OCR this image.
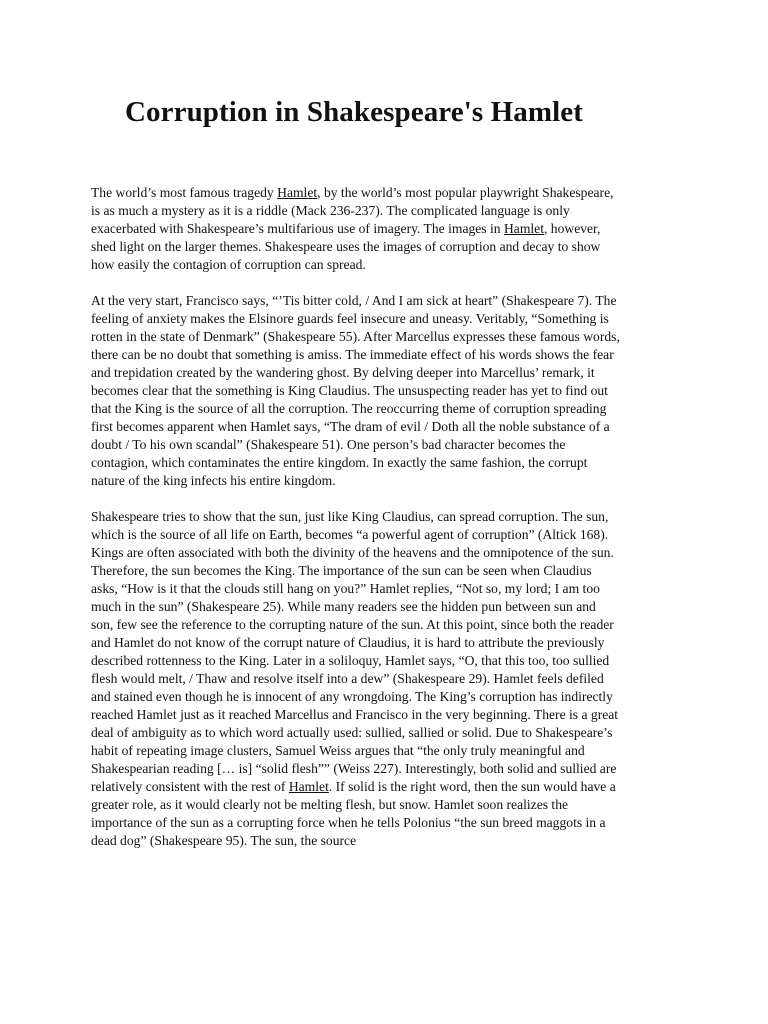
Corruption in Shakespeare's Hamlet

The world’s most famous tragedy Hamlet, by the world’s most popular playwright Shakespeare, is as much a mystery as it is a riddle (Mack 236-237). The complicated language is only exacerbated with Shakespeare’s multifarious use of imagery. The images in Hamlet, however, shed light on the larger themes. Shakespeare uses the images of corruption and decay to show how easily the contagion of corruption can spread.

At the very start, Francisco says, “’Tis bitter cold, / And I am sick at heart” (Shakespeare 7). The feeling of anxiety makes the Elsinore guards feel insecure and uneasy. Veritably, “Something is rotten in the state of Denmark” (Shakespeare 55). After Marcellus expresses these famous words, there can be no doubt that something is amiss. The immediate effect of his words shows the fear and trepidation created by the wandering ghost. By delving deeper into Marcellus’ remark, it becomes clear that the something is King Claudius. The unsuspecting reader has yet to find out that the King is the source of all the corruption. The reoccurring theme of corruption spreading first becomes apparent when Hamlet says, “The dram of evil / Doth all the noble substance of a doubt / To his own scandal” (Shakespeare 51). One person’s bad character becomes the contagion, which contaminates the entire kingdom. In exactly the same fashion, the corrupt nature of the king infects his entire kingdom.

Shakespeare tries to show that the sun, just like King Claudius, can spread corruption. The sun, which is the source of all life on Earth, becomes “a powerful agent of corruption” (Altick 168). Kings are often associated with both the divinity of the heavens and the omnipotence of the sun. Therefore, the sun becomes the King. The importance of the sun can be seen when Claudius asks, “How is it that the clouds still hang on you?” Hamlet replies, “Not so, my lord; I am too much in the sun” (Shakespeare 25). While many readers see the hidden pun between sun and son, few see the reference to the corrupting nature of the sun. At this point, since both the reader and Hamlet do not know of the corrupt nature of Claudius, it is hard to attribute the previously described rottenness to the King. Later in a soliloquy, Hamlet says, “O, that this too, too sullied flesh would melt, / Thaw and resolve itself into a dew” (Shakespeare 29). Hamlet feels defiled and stained even though he is innocent of any wrongdoing. The King’s corruption has indirectly reached Hamlet just as it reached Marcellus and Francisco in the very beginning. There is a great deal of ambiguity as to which word actually used: sullied, sallied or solid. Due to Shakespeare’s habit of repeating image clusters, Samuel Weiss argues that “the only truly meaningful and Shakespearian reading [… is] “solid flesh”” (Weiss 227). Interestingly, both solid and sullied are relatively consistent with the rest of Hamlet. If solid is the right word, then the sun would have a greater role, as it would clearly not be melting flesh, but snow. Hamlet soon realizes the importance of the sun as a corrupting force when he tells Polonius “the sun breed maggots in a dead dog” (Shakespeare 95). The sun, the source
